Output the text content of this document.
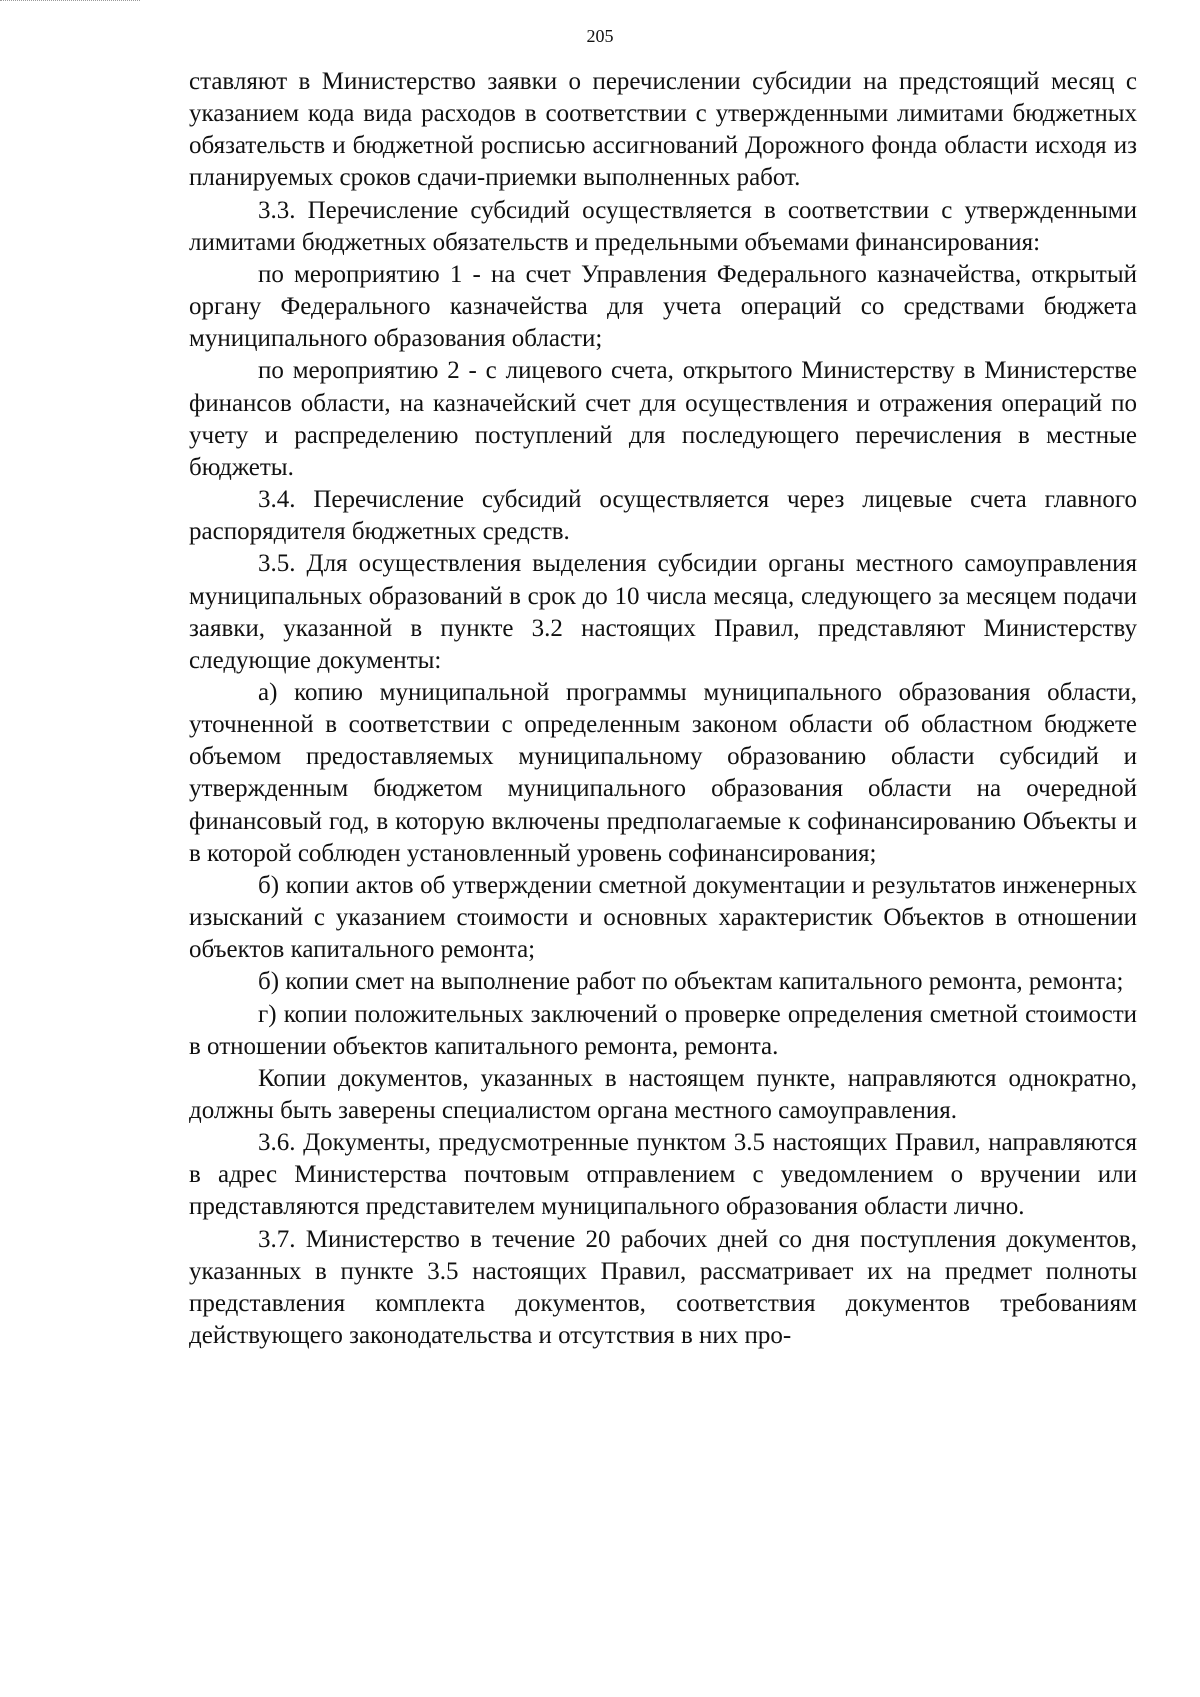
205

ставляют в Министерство заявки о перечислении субсидии на предстоящий месяц с указанием кода вида расходов в соответствии с утвержденными лимитами бюджетных обязательств и бюджетной росписью ассигнований Дорожного фонда области исходя из планируемых сроков сдачи-приемки выполненных работ.

3.3. Перечисление субсидий осуществляется в соответствии с утвержденными лимитами бюджетных обязательств и предельными объемами финансирования:

по мероприятию 1 - на счет Управления Федерального казначейства, открытый органу Федерального казначейства для учета операций со средствами бюджета муниципального образования области;

по мероприятию 2 - с лицевого счета, открытого Министерству в Министерстве финансов области, на казначейский счет для осуществления и отражения операций по учету и распределению поступлений для последующего перечисления в местные бюджеты.

3.4. Перечисление субсидий осуществляется через лицевые счета главного распорядителя бюджетных средств.

3.5. Для осуществления выделения субсидии органы местного самоуправления муниципальных образований в срок до 10 числа месяца, следующего за месяцем подачи заявки, указанной в пункте 3.2 настоящих Правил, представляют Министерству следующие документы:

а) копию муниципальной программы муниципального образования области, уточненной в соответствии с определенным законом области об областном бюджете объемом предоставляемых муниципальному образованию области субсидий и утвержденным бюджетом муниципального образования области на очередной финансовый год, в которую включены предполагаемые к софинансированию Объекты и в которой соблюден установленный уровень софинансирования;

б) копии актов об утверждении сметной документации и результатов инженерных изысканий с указанием стоимости и основных характеристик Объектов в отношении объектов капитального ремонта;

б) копии смет на выполнение работ по объектам капитального ремонта, ремонта;

г) копии положительных заключений о проверке определения сметной стоимости в отношении объектов капитального ремонта, ремонта.

Копии документов, указанных в настоящем пункте, направляются однократно, должны быть заверены специалистом органа местного самоуправления.

3.6. Документы, предусмотренные пунктом 3.5 настоящих Правил, направляются в адрес Министерства почтовым отправлением с уведомлением о вручении или представляются представителем муниципального образования области лично.

3.7. Министерство в течение 20 рабочих дней со дня поступления документов, указанных в пункте 3.5 настоящих Правил, рассматривает их на предмет полноты представления комплекта документов, соответствия документов требованиям действующего законодательства и отсутствия в них про-
